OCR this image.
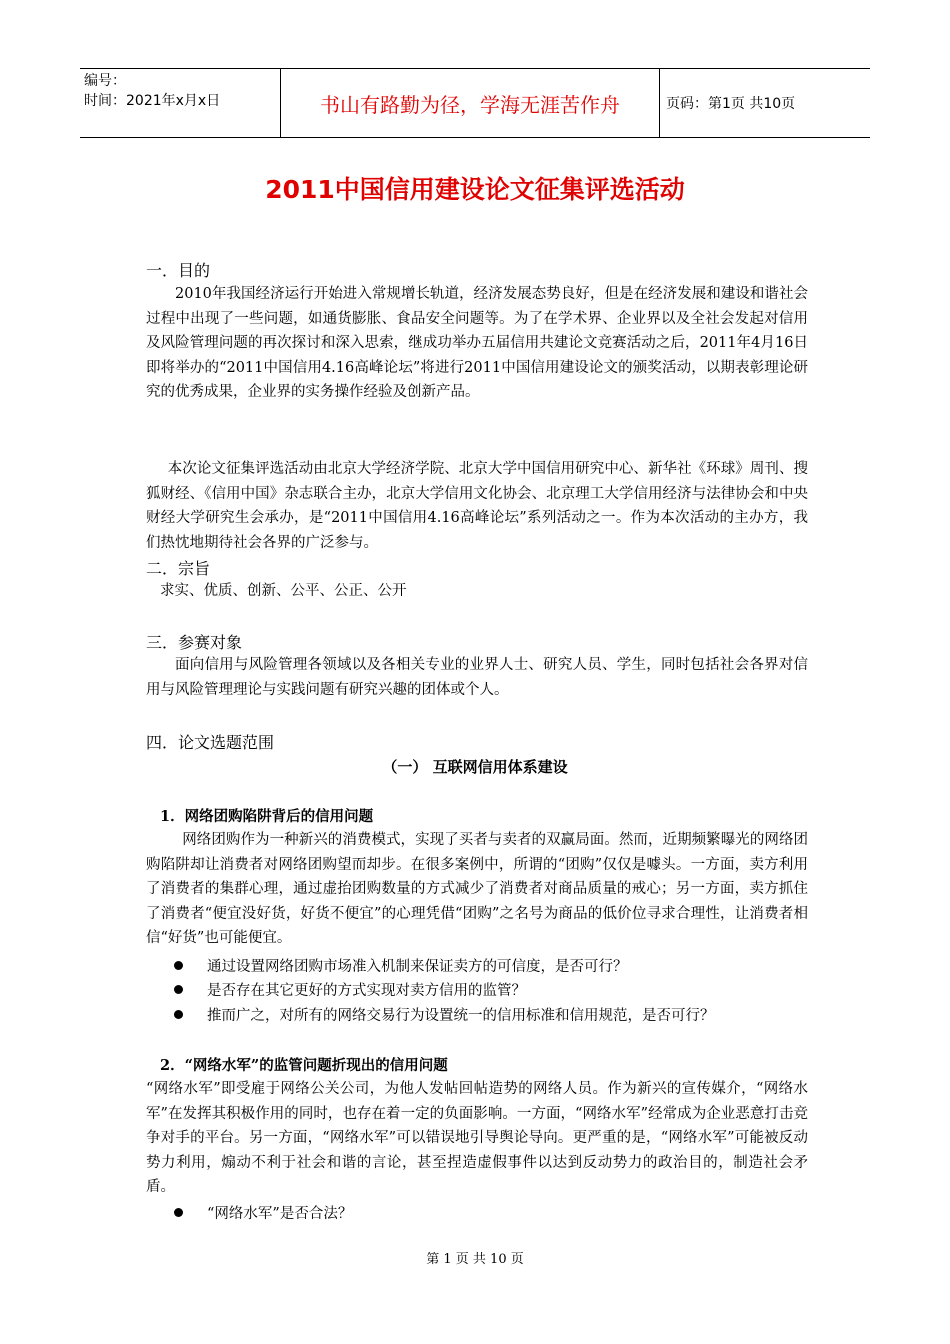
编号：
时间：2021年x月x日	书山有路勤为径，学海无涯苦作舟	页码：第1页 共10页
2011中国信用建设论文征集评选活动
一．目的
2010年我国经济运行开始进入常规增长轨道，经济发展态势良好，但是在经济发展和建设和谐社会过程中出现了一些问题，如通货膨胀、食品安全问题等。为了在学术界、企业界以及全社会发起对信用及风险管理问题的再次探讨和深入思索，继成功举办五届信用共建论文竞赛活动之后，2011年4月16日即将举办的“2011中国信用4.16高峰论坛”将进行2011中国信用建设论文的颁奖活动，以期表彰理论研究的优秀成果，企业界的实务操作经验及创新产品。
本次论文征集评选活动由北京大学经济学院、北京大学中国信用研究中心、新华社《环球》周刊、搜狐财经、《信用中国》杂志联合主办，北京大学信用文化协会、北京理工大学信用经济与法律协会和中央财经大学研究生会承办，是“2011中国信用4.16高峰论坛”系列活动之一。作为本次活动的主办方，我们热忱地期待社会各界的广泛参与。
二．宗旨
求实、优质、创新、公平、公正、公开
三．参赛对象
面向信用与风险管理各领域以及各相关专业的业界人士、研究人员、学生，同时包括社会各界对信用与风险管理理论与实践问题有研究兴趣的团体或个人。
四．论文选题范围
（一） 互联网信用体系建设
1．网络团购陷阱背后的信用问题
网络团购作为一种新兴的消费模式，实现了买者与卖者的双赢局面。然而，近期频繁曝光的网络团购陷阱却让消费者对网络团购望而却步。在很多案例中，所谓的“团购”仅仅是噱头。一方面，卖方利用了消费者的集群心理，通过虚抬团购数量的方式减少了消费者对商品质量的戒心；另一方面，卖方抓住了消费者“便宜没好货，好货不便宜”的心理凭借“团购”之名号为商品的低价位寻求合理性，让消费者相信“好货”也可能便宜。
通过设置网络团购市场准入机制来保证卖方的可信度，是否可行？
是否存在其它更好的方式实现对卖方信用的监管？
推而广之，对所有的网络交易行为设置统一的信用标准和信用规范，是否可行？
2．“网络水军”的监管问题折现出的信用问题
“网络水军”即受雇于网络公关公司，为他人发帖回帖造势的网络人员。作为新兴的宣传媒介，“网络水军”在发挥其积极作用的同时，也存在着一定的负面影响。一方面，“网络水军”经常成为企业恶意打击竞争对手的平台。另一方面，“网络水军”可以错误地引导舆论导向。更严重的是，“网络水军”可能被反动势力利用，煽动不利于社会和谐的言论，甚至捏造虚假事件以达到反动势力的政治目的，制造社会矛盾。
“网络水军”是否合法？
第 1 页 共 10 页
